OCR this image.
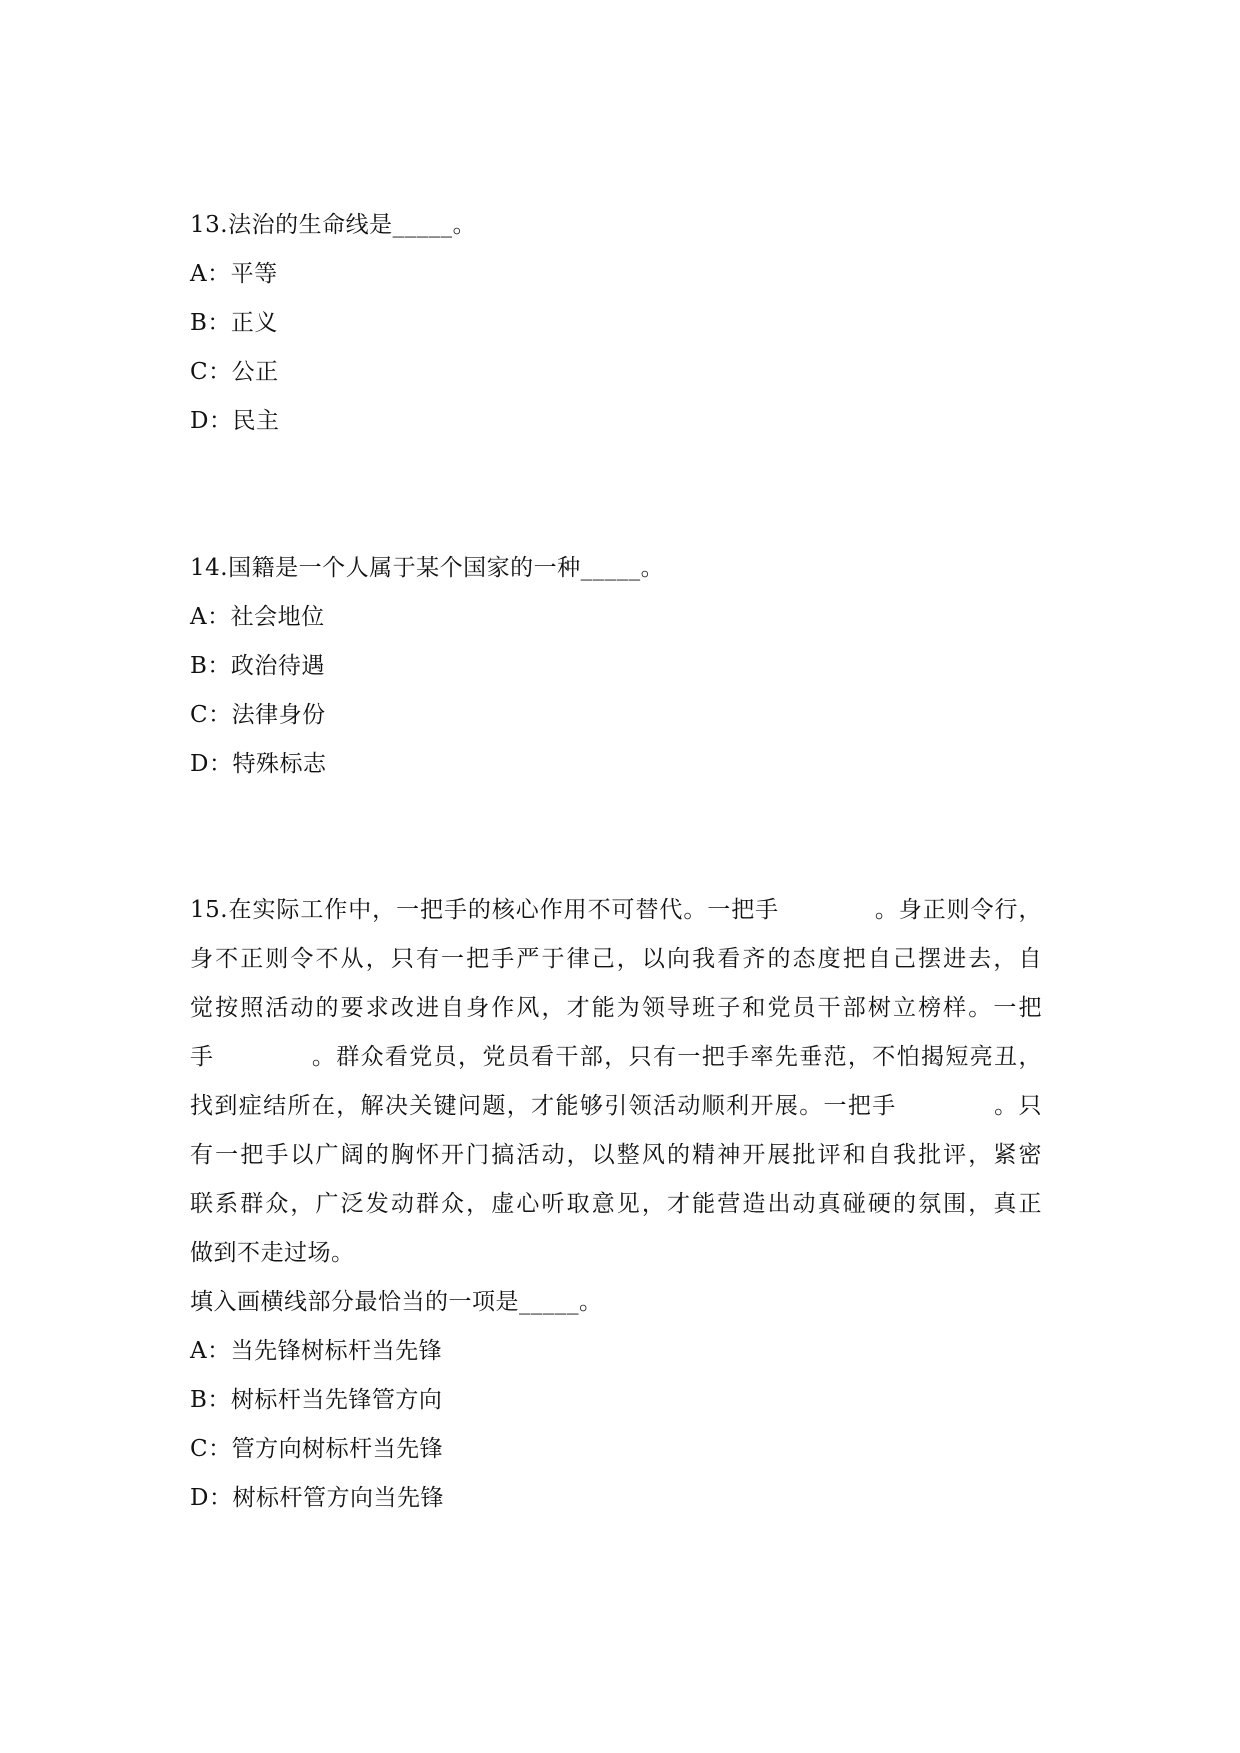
13.法治的生命线是_____。
A：平等
B：正义
C：公正
D：民主
14.国籍是一个人属于某个国家的一种_____。
A：社会地位
B：政治待遇
C：法律身份
D：特殊标志
15.在实际工作中，一把手的核心作用不可替代。一把手　　　　。身正则令行，
身不正则令不从，只有一把手严于律己，以向我看齐的态度把自己摆进去，自
觉按照活动的要求改进自身作风，才能为领导班子和党员干部树立榜样。一把
手　　　　。群众看党员，党员看干部，只有一把手率先垂范，不怕揭短亮丑，
找到症结所在，解决关键问题，才能够引领活动顺利开展。一把手　　　　。只
有一把手以广阔的胸怀开门搞活动，以整风的精神开展批评和自我批评，紧密
联系群众，广泛发动群众，虚心听取意见，才能营造出动真碰硬的氛围，真正
做到不走过场。
填入画横线部分最恰当的一项是_____。
A：当先锋树标杆当先锋
B：树标杆当先锋管方向
C：管方向树标杆当先锋
D：树标杆管方向当先锋
